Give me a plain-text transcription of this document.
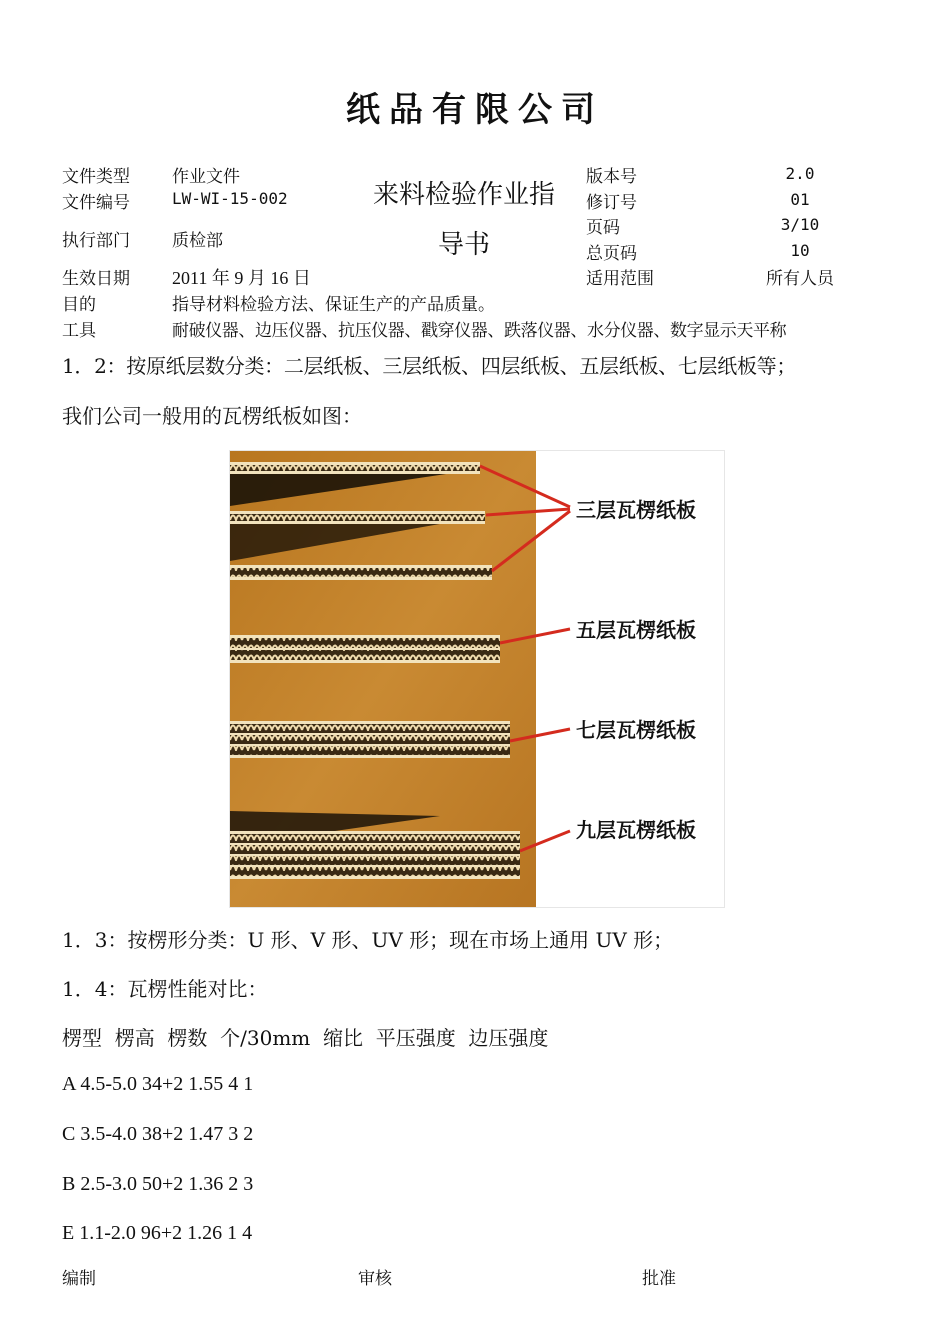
纸品有限公司
文件类型 作业文件
文件编号	LW-WI-15-002
执行部门 质检部
生效日期 2011 年 9 月 16 日
目的	指导材料检验方法、保证生产的产品质量。
工具	耐破仪器、边压仪器、抗压仪器、戳穿仪器、跌落仪器、水分仪器、数字显示天平称
来料检验作业指
导书
版本号	2.0
修订号	01
页码	3/10
总页码	10
适用范围	所有人员
1．2：按原纸层数分类：二层纸板、三层纸板、四层纸板、五层纸板、七层纸板等；
我们公司一般用的瓦楞纸板如图：
三层瓦楞纸板
五层瓦楞纸板
七层瓦楞纸板
九层瓦楞纸板
1．3：按楞形分类：U 形、V 形、UV 形；现在市场上通用 UV 形；
1．4：瓦楞性能对比：
楞型  楞高  楞数  个/30mm  缩比  平压强度  边压强度
A 4.5-5.0 34+2 1.55 4 1
C 3.5-4.0 38+2 1.47 3 2
B 2.5-3.0 50+2 1.36 2 3
E 1.1-2.0 96+2 1.26 1 4
编制	审核	批准
